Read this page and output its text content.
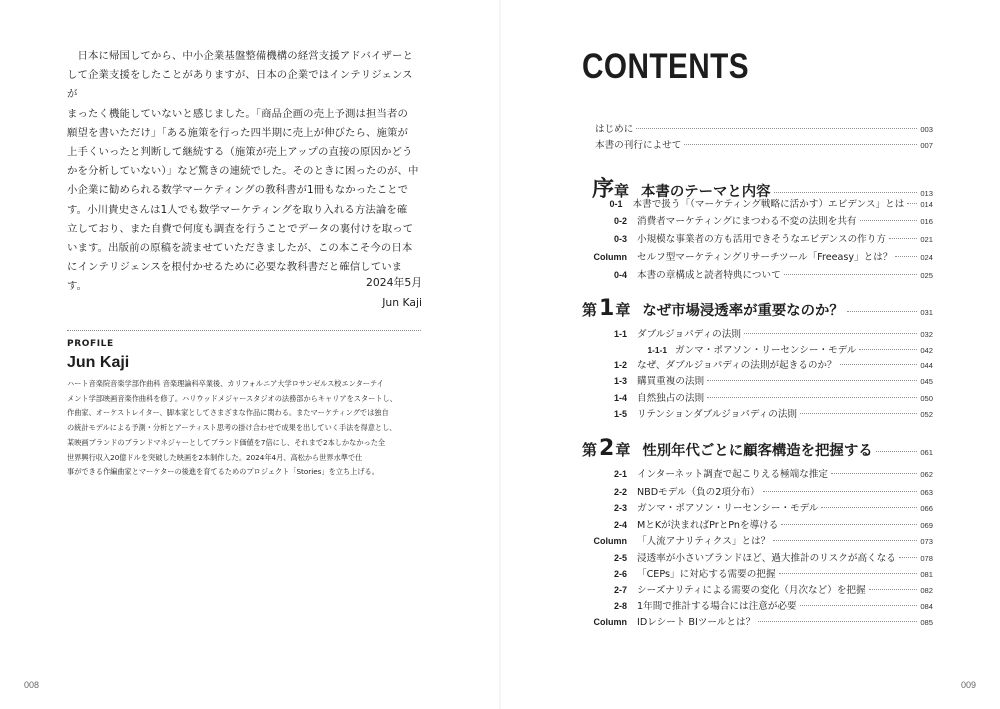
　日本に帰国してから、中小企業基盤整備機構の経営支援アドバイザーと

して企業支援をしたことがありますが、日本の企業ではインテリジェンスが

まったく機能していないと感じました。「商品企画の売上予測は担当者の

願望を書いただけ」「ある施策を行った四半期に売上が伸びたら、施策が

上手くいったと判断して継続する（施策が売上アップの直接の原因かどう

かを分析していない）」など驚きの連続でした。そのときに困ったのが、中

小企業に勧められる数学マーケティングの教科書が1冊もなかったことで

す。小川貴史さんは1人でも数学マーケティングを取り入れる方法論を確

立しており、また自費で何度も調査を行うことでデータの裏付けを取って

います。出版前の原稿を読ませていただきましたが、この本こそ今の日本

にインテリジェンスを根付かせるために必要な教科書だと確信しています。	2024年5月
Jun Kaji
PROFILE
Jun Kaji
ハート音楽院音楽学部作曲科 音楽理論科卒業後、カリフォルニア大学ロサンゼルス校エンターテイ
メント学部映画音楽作曲科を修了。ハリウッドメジャースタジオの法務部からキャリアをスタートし、
作曲家、オーケストレイター、脚本家としてさまざまな作品に関わる。またマーケティングでは独自
の統計モデルによる予測・分析とアーティスト思考の掛け合わせで成果を出していく手法を得意とし、
某映画ブランドのブランドマネジャーとしてブランド価値を7倍にし、それまで2本しかなかった全
世界興行収入20億ドルを突破した映画を2本制作した。2024年4月、高松から世界水準で仕
事ができる作編曲家とマーケターの後進を育てるためのプロジェクト「Stories」を立ち上げる。
008
CONTENTS
はじめに	003
本書の刊行によせて	007
序 章 本書のテーマと内容	013
0-1 本書で扱う「（マーケティング戦略に活かす）エビデンス」とは 014
0-2 消費者マーケティングにまつわる不変の法則を共有	016
0-3 小規模な事業者の方も活用できそうなエビデンスの作り方	021
Column セルフ型マーケティングリサーチツール「Freeasy」とは？	024
0-4 本書の章構成と読者特典について	025
第 1 章 なぜ市場浸透率が重要なのか？	031
1-1 ダブルジョパディの法則	032
1-1-1 ガンマ・ポアソン・リーセンシー・モデル	042
1-2 なぜ、ダブルジョパディの法則が起きるのか？	044
1-3 購買重複の法則	045
1-4 自然独占の法則	050
1-5 リテンションダブルジョパディの法則	052
第 2 章 性別年代ごとに顧客構造を把握する	061
2-1 インターネット調査で起こりえる極端な推定	062
2-2 NBDモデル（負の2項分布）	063
2-3 ガンマ・ポアソン・リーセンシー・モデル	066
2-4 MとKが決まればPrとPnを導ける	069
Column 「人流アナリティクス」とは？	073
2-5 浸透率が小さいブランドほど、過大推計のリスクが高くなる	078
2-6 「CEPs」に対応する需要の把握	081
2-7 シーズナリティによる需要の変化（月次など）を把握	082
2-8 1年間で推計する場合には注意が必要	084
Column IDレシート BIツールとは？	085
009
